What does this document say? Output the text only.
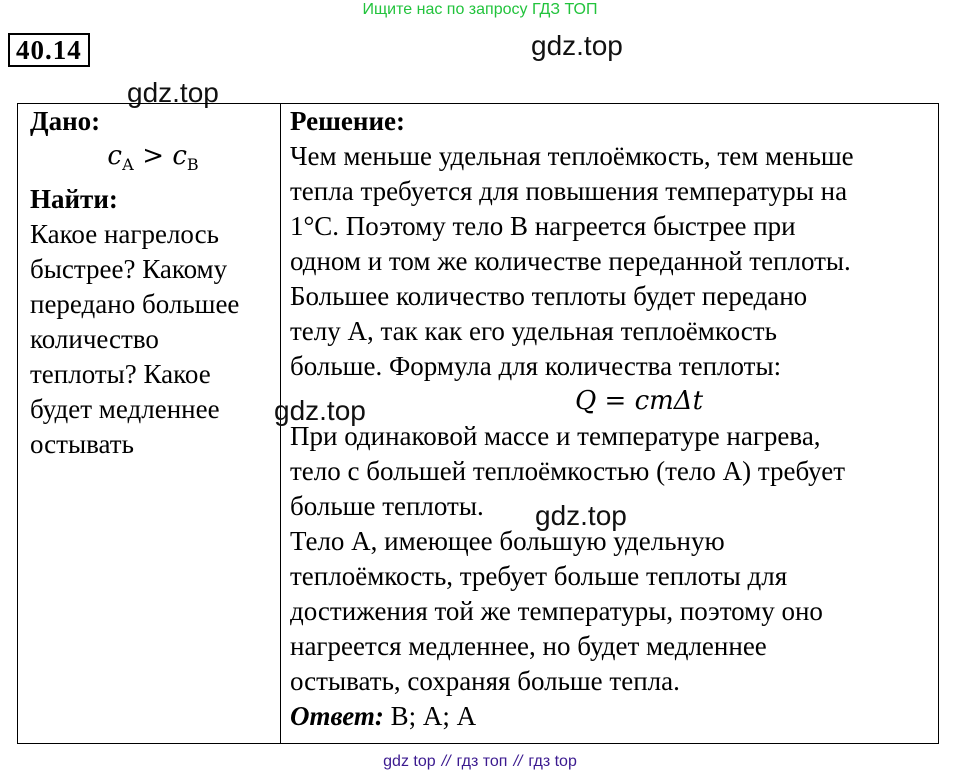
Ищите нас по запросу ГДЗ ТОП
40.14	gdz.top
gdz.top
Дано:
$c_А > c_В$
Найти:
Какое нагрелось
быстрее? Какому
передано большее
количество
теплоты? Какое
будет медленнее
остывать
Решение:
Чем меньше удельная теплоёмкость, тем меньше
тепла требуется для повышения температуры на
1°С. Поэтому тело В нагреется быстрее при
одном и том же количестве переданной теплоты.
Большее количество теплоты будет передано
телу А, так как его удельная теплоёмкость
больше. Формула для количества теплоты:
Q = cmΔt
При одинаковой массе и температуре нагрева,
тело с большей теплоёмкостью (тело А) требует
больше теплоты.
Тело А, имеющее большую удельную
теплоёмкость, требует больше теплоты для
достижения той же температуры, поэтому оно
нагреется медленнее, но будет медленнее
остывать, сохраняя больше тепла.
Ответ: В; А; А
gdz.top
gdz.top
gdz top // гдз топ // гдз top
